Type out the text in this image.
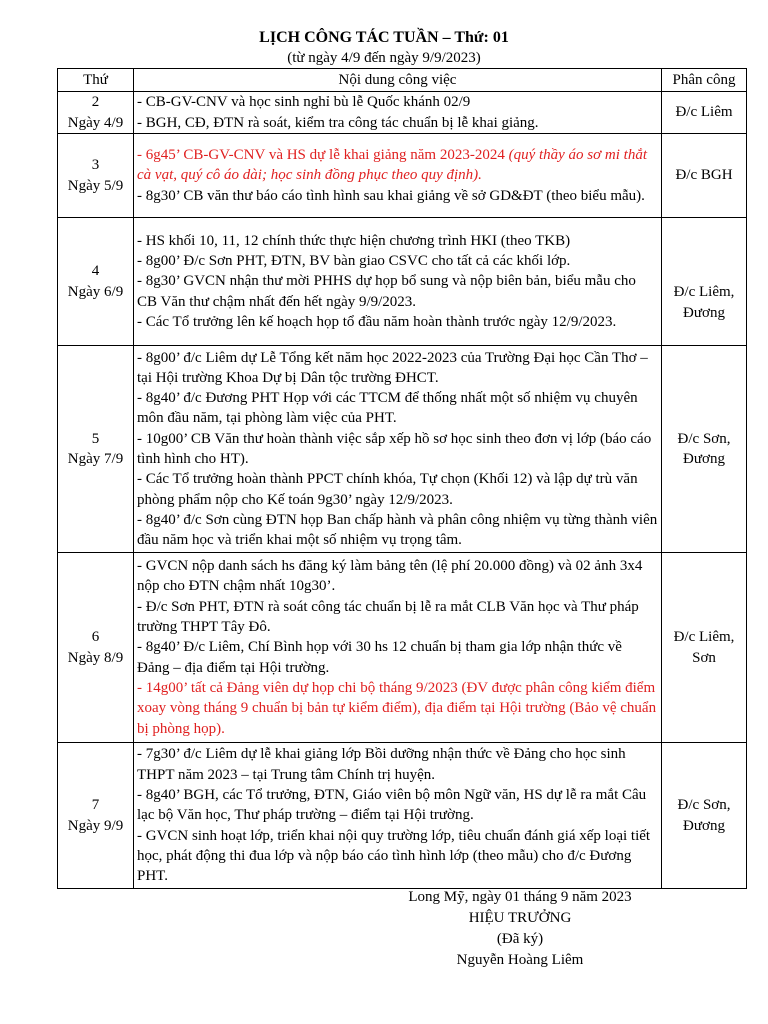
LỊCH CÔNG TÁC TUẦN – Thứ: 01
(từ ngày 4/9 đến ngày 9/9/2023)
Thứ	Nội dung công việc	Phân công

2
Ngày 4/9	- CB-GV-CNV và học sinh nghỉ bù lễ Quốc khánh 02/9
- BGH, CĐ, ĐTN rà soát, kiểm tra công tác chuẩn bị lễ khai giảng.	Đ/c Liêm

3
Ngày 5/9	- 6g45’ CB-GV-CNV và HS dự lễ khai giảng năm 2023-2024 (quý thầy áo sơ mi thắt cà vạt, quý cô áo dài; học sinh đồng phục theo quy định).
- 8g30’ CB văn thư báo cáo tình hình sau khai giảng về sở GD&ĐT (theo biểu mẫu).	Đ/c BGH

4
Ngày 6/9	- HS khối 10, 11, 12 chính thức thực hiện chương trình HKI (theo TKB)
- 8g00’ Đ/c Sơn PHT, ĐTN, BV bàn giao CSVC cho tất cả các khối lớp.
- 8g30’ GVCN nhận thư mời PHHS dự họp bổ sung và nộp biên bản, biểu mẫu cho CB Văn thư chậm nhất đến hết ngày 9/9/2023.
- Các Tổ trưởng lên kế hoạch họp tổ đầu năm hoàn thành trước ngày 12/9/2023.	Đ/c Liêm,
Đương

5
Ngày 7/9	- 8g00’ đ/c Liêm dự Lễ Tổng kết năm học 2022-2023 của Trường Đại học Cần Thơ – tại Hội trường Khoa Dự bị Dân tộc trường ĐHCT.
- 8g40’ đ/c Đương PHT Họp với các TTCM để thống nhất một số nhiệm vụ chuyên môn đầu năm, tại phòng làm việc của PHT.
- 10g00’ CB Văn thư hoàn thành việc sắp xếp hồ sơ học sinh theo đơn vị lớp (báo cáo tình hình cho HT).
- Các Tổ trưởng hoàn thành PPCT chính khóa, Tự chọn (Khối 12) và lập dự trù văn phòng phẩm nộp cho Kế toán 9g30’ ngày 12/9/2023.
- 8g40’ đ/c Sơn cùng ĐTN họp Ban chấp hành và phân công nhiệm vụ từng thành viên đầu năm học và triển khai một số nhiệm vụ trọng tâm.	Đ/c Sơn,
Đương

6
Ngày 8/9	- GVCN nộp danh sách hs đăng ký làm bảng tên (lệ phí 20.000 đồng) và 02 ảnh 3x4 nộp cho ĐTN chậm nhất 10g30’.
- Đ/c Sơn PHT, ĐTN rà soát công tác chuẩn bị lễ ra mắt CLB Văn học và Thư pháp trường THPT Tây Đô.
- 8g40’ Đ/c Liêm, Chí Bình họp với 30 hs 12 chuẩn bị tham gia lớp nhận thức về Đảng – địa điểm tại Hội trường.
- 14g00’ tất cả Đảng viên dự họp chi bộ tháng 9/2023 (ĐV được phân công kiểm điểm xoay vòng tháng 9 chuẩn bị bản tự kiểm điểm), địa điểm tại Hội trường (Bảo vệ chuẩn bị phòng họp).	Đ/c Liêm,
Sơn

7
Ngày 9/9	- 7g30’ đ/c Liêm dự lễ khai giảng lớp Bồi dưỡng nhận thức về Đảng cho học sinh THPT năm 2023 – tại Trung tâm Chính trị huyện.
- 8g40’ BGH, các Tổ trưởng, ĐTN, Giáo viên bộ môn Ngữ văn, HS dự lễ ra mắt Câu lạc bộ Văn học, Thư pháp trường – điểm tại Hội trường.
- GVCN sinh hoạt lớp, triển khai nội quy trường lớp, tiêu chuẩn đánh giá xếp loại tiết học, phát động thi đua lớp và nộp báo cáo tình hình lớp (theo mẫu) cho đ/c Đương PHT.	Đ/c Sơn,
Đương
Long Mỹ, ngày 01 tháng 9 năm 2023
HIỆU TRƯỞNG
(Đã ký)
Nguyễn Hoàng Liêm
